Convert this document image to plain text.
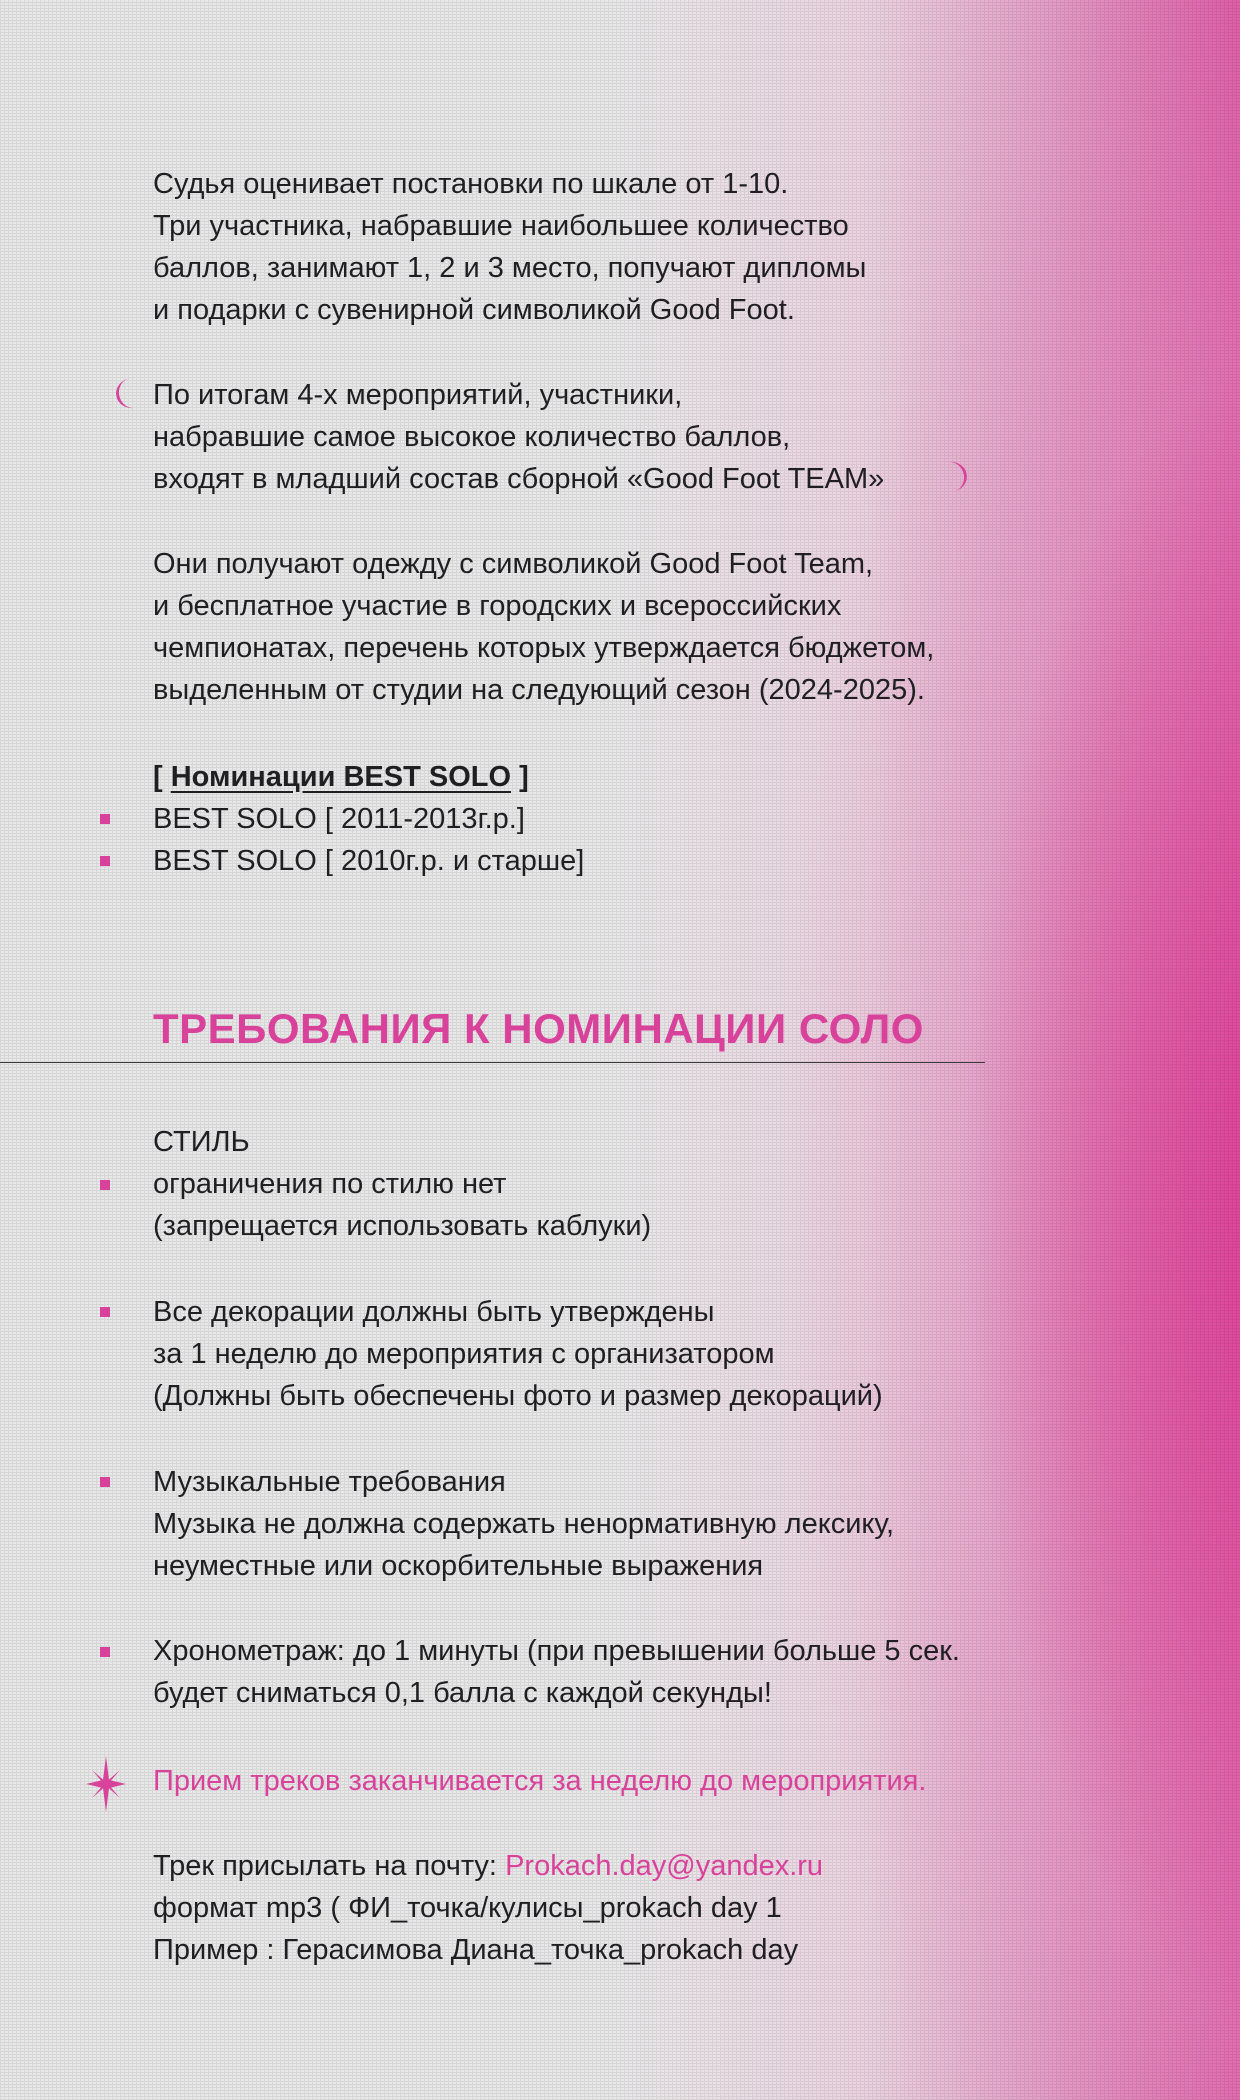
Судья оценивает постановки по шкале от 1-10.
Три участника, набравшие наибольшее количество
баллов, занимают 1, 2 и 3 место, попучают дипломы
и подарки с сувенирной символикой Good Foot.
По итогам 4-х мероприятий, участники,
набравшие самое высокое количество баллов,
входят в младший состав сборной «Good Foot TEAM»
Они получают одежду с символикой Good Foot Team,
и бесплатное участие в городских и всероссийских
чемпионатах, перечень которых утверждается бюджетом,
выделенным от студии на следующий сезон (2024-2025).
[ Номинации BEST SOLO ]
BEST SOLO [ 2011-2013г.р.]
BEST SOLO [ 2010г.р. и старше]
ТРЕБОВАНИЯ К НОМИНАЦИИ СОЛО
СТИЛЬ
ограничения по стилю нет
(запрещается использовать каблуки)
Все декорации должны быть утверждены
за 1 неделю до мероприятия с организатором
(Должны быть обеспечены фото и размер декораций)
Музыкальные требования
Музыка не должна содержать ненормативную лексику,
неуместные или оскорбительные выражения
Хронометраж: до 1 минуты (при превышении больше 5 сек.
будет сниматься 0,1 балла с каждой секунды!
Прием треков заканчивается за неделю до мероприятия.
Трек присылать на почту: Prokach.day@yandex.ru
формат mp3 ( ФИ_точка/кулисы_prokach day 1
Пример : Герасимова Диана_точка_prokach day
